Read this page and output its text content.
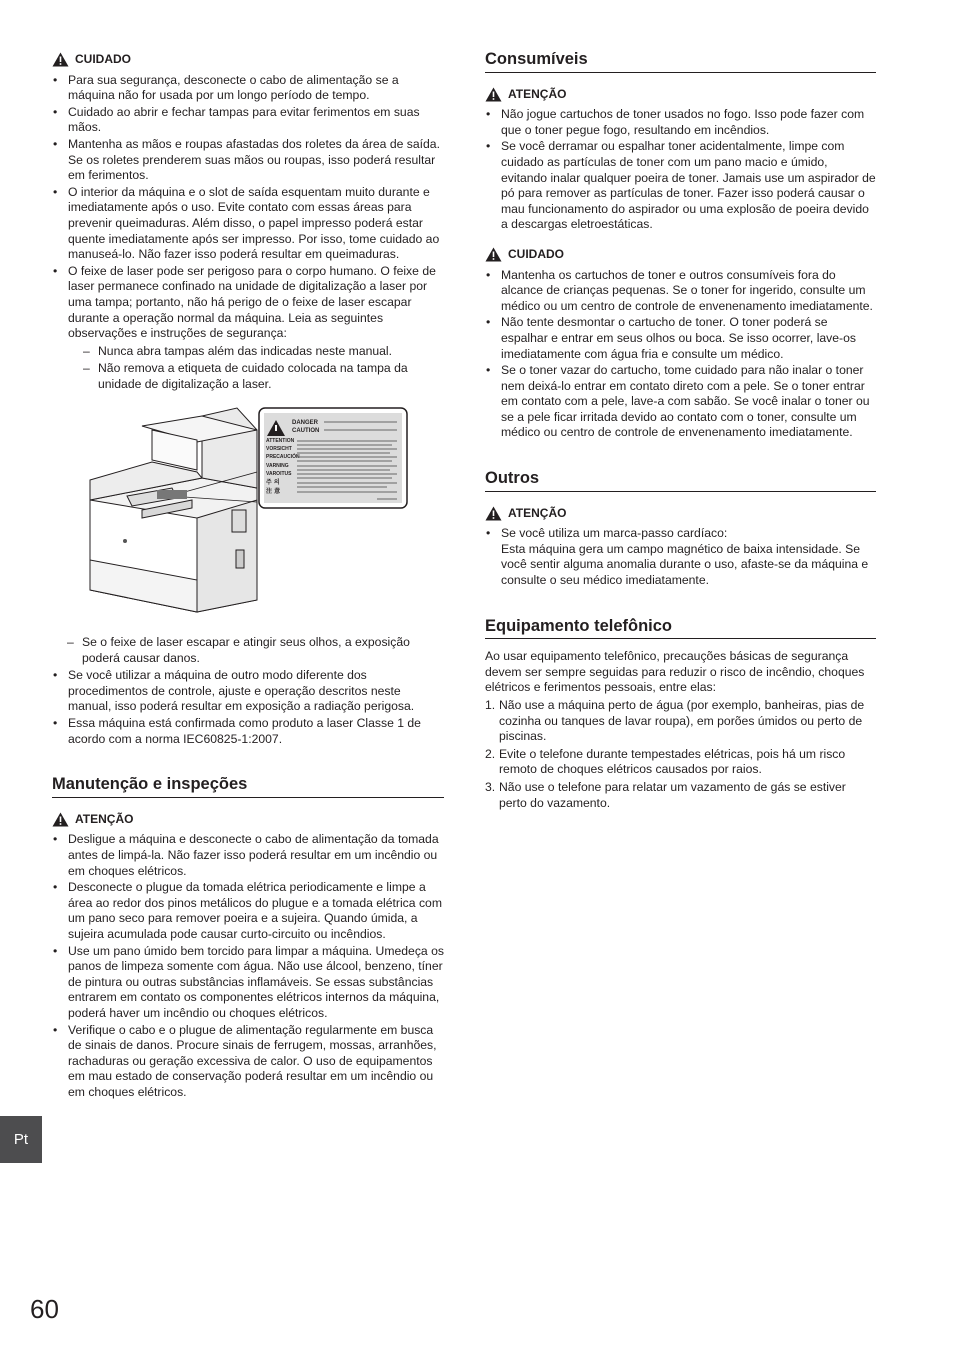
CUIDADO
• Para sua segurança, desconecte o cabo de alimentação se a máquina não for usada por um longo período de tempo.
• Cuidado ao abrir e fechar tampas para evitar ferimentos em suas mãos.
• Mantenha as mãos e roupas afastadas dos roletes da área de saída. Se os roletes prenderem suas mãos ou roupas, isso poderá resultar em ferimentos.
• O interior da máquina e o slot de saída esquentam muito durante e imediatamente após o uso. Evite contato com essas áreas para prevenir queimaduras. Além disso, o papel impresso poderá estar quente imediatamente após ser impresso. Por isso, tome cuidado ao manuseá-lo. Não fazer isso poderá resultar em queimaduras.
• O feixe de laser pode ser perigoso para o corpo humano. O feixe de laser permanece confinado na unidade de digitalização a laser por uma tampa; portanto, não há perigo de o feixe de laser escapar durante a operação normal da máquina. Leia as seguintes observações e instruções de segurança:
– Nunca abra tampas além das indicadas neste manual.
– Não remova a etiqueta de cuidado colocada na tampa da unidade de digitalização a laser.
DANGER
CAUTION
ATTENTION
VORSICHT
PRECAUCIÓN
VARNING
VAROITUS
주 의
注 意
– Se o feixe de laser escapar e atingir seus olhos, a exposição poderá causar danos.
• Se você utilizar a máquina de outro modo diferente dos procedimentos de controle, ajuste e operação descritos neste manual, isso poderá resultar em exposição a radiação perigosa.
• Essa máquina está confirmada como produto a laser Classe 1 de acordo com a norma IEC60825-1:2007.
Manutenção e inspeções
ATENÇÃO
• Desligue a máquina e desconecte o cabo de alimentação da tomada antes de limpá-la. Não fazer isso poderá resultar em um incêndio ou em choques elétricos.
• Desconecte o plugue da tomada elétrica periodicamente e limpe a área ao redor dos pinos metálicos do plugue e a tomada elétrica com um pano seco para remover poeira e a sujeira. Quando úmida, a sujeira acumulada pode causar curto-circuito ou incêndios.
• Use um pano úmido bem torcido para limpar a máquina. Umedeça os panos de limpeza somente com água. Não use álcool, benzeno, tíner de pintura ou outras substâncias inflamáveis. Se essas substâncias entrarem em contato os componentes elétricos internos da máquina, poderá haver um incêndio ou choques elétricos.
• Verifique o cabo e o plugue de alimentação regularmente em busca de sinais de danos. Procure sinais de ferrugem, mossas, arranhões, rachaduras ou geração excessiva de calor. O uso de equipamentos em mau estado de conservação poderá resultar em um incêndio ou em choques elétricos.
Consumíveis
ATENÇÃO
• Não jogue cartuchos de toner usados no fogo. Isso pode fazer com que o toner pegue fogo, resultando em incêndios.
• Se você derramar ou espalhar toner acidentalmente, limpe com cuidado as partículas de toner com um pano macio e úmido, evitando inalar qualquer poeira de toner. Jamais use um aspirador de pó para remover as partículas de toner. Fazer isso poderá causar o mau funcionamento do aspirador ou uma explosão de poeira devido a descargas eletroestáticas.
CUIDADO
• Mantenha os cartuchos de toner e outros consumíveis fora do alcance de crianças pequenas. Se o toner for ingerido, consulte um médico ou um centro de controle de envenenamento imediatamente.
• Não tente desmontar o cartucho de toner. O toner poderá se espalhar e entrar em seus olhos ou boca. Se isso ocorrer, lave-os imediatamente com água fria e consulte um médico.
• Se o toner vazar do cartucho, tome cuidado para não inalar o toner nem deixá-lo entrar em contato direto com a pele. Se o toner entrar em contato com a pele, lave-a com sabão. Se você inalar o toner ou se a pele ficar irritada devido ao contato com o toner, consulte um médico ou centro de controle de envenenamento imediatamente.
Outros
ATENÇÃO
• Se você utiliza um marca-passo cardíaco:
Esta máquina gera um campo magnético de baixa intensidade. Se você sentir alguma anomalia durante o uso, afaste-se da máquina e consulte o seu médico imediatamente.
Equipamento telefônico

Ao usar equipamento telefônico, precauções básicas de segurança devem ser sempre seguidas para reduzir o risco de incêndio, choques elétricos e ferimentos pessoais, entre elas:

1. Não use a máquina perto de água (por exemplo, banheiras, pias de cozinha ou tanques de lavar roupa), em porões úmidos ou perto de piscinas.
2. Evite o telefone durante tempestades elétricas, pois há um risco remoto de choques elétricos causados por raios.
3. Não use o telefone para relatar um vazamento de gás se estiver perto do vazamento.
Pt
60
